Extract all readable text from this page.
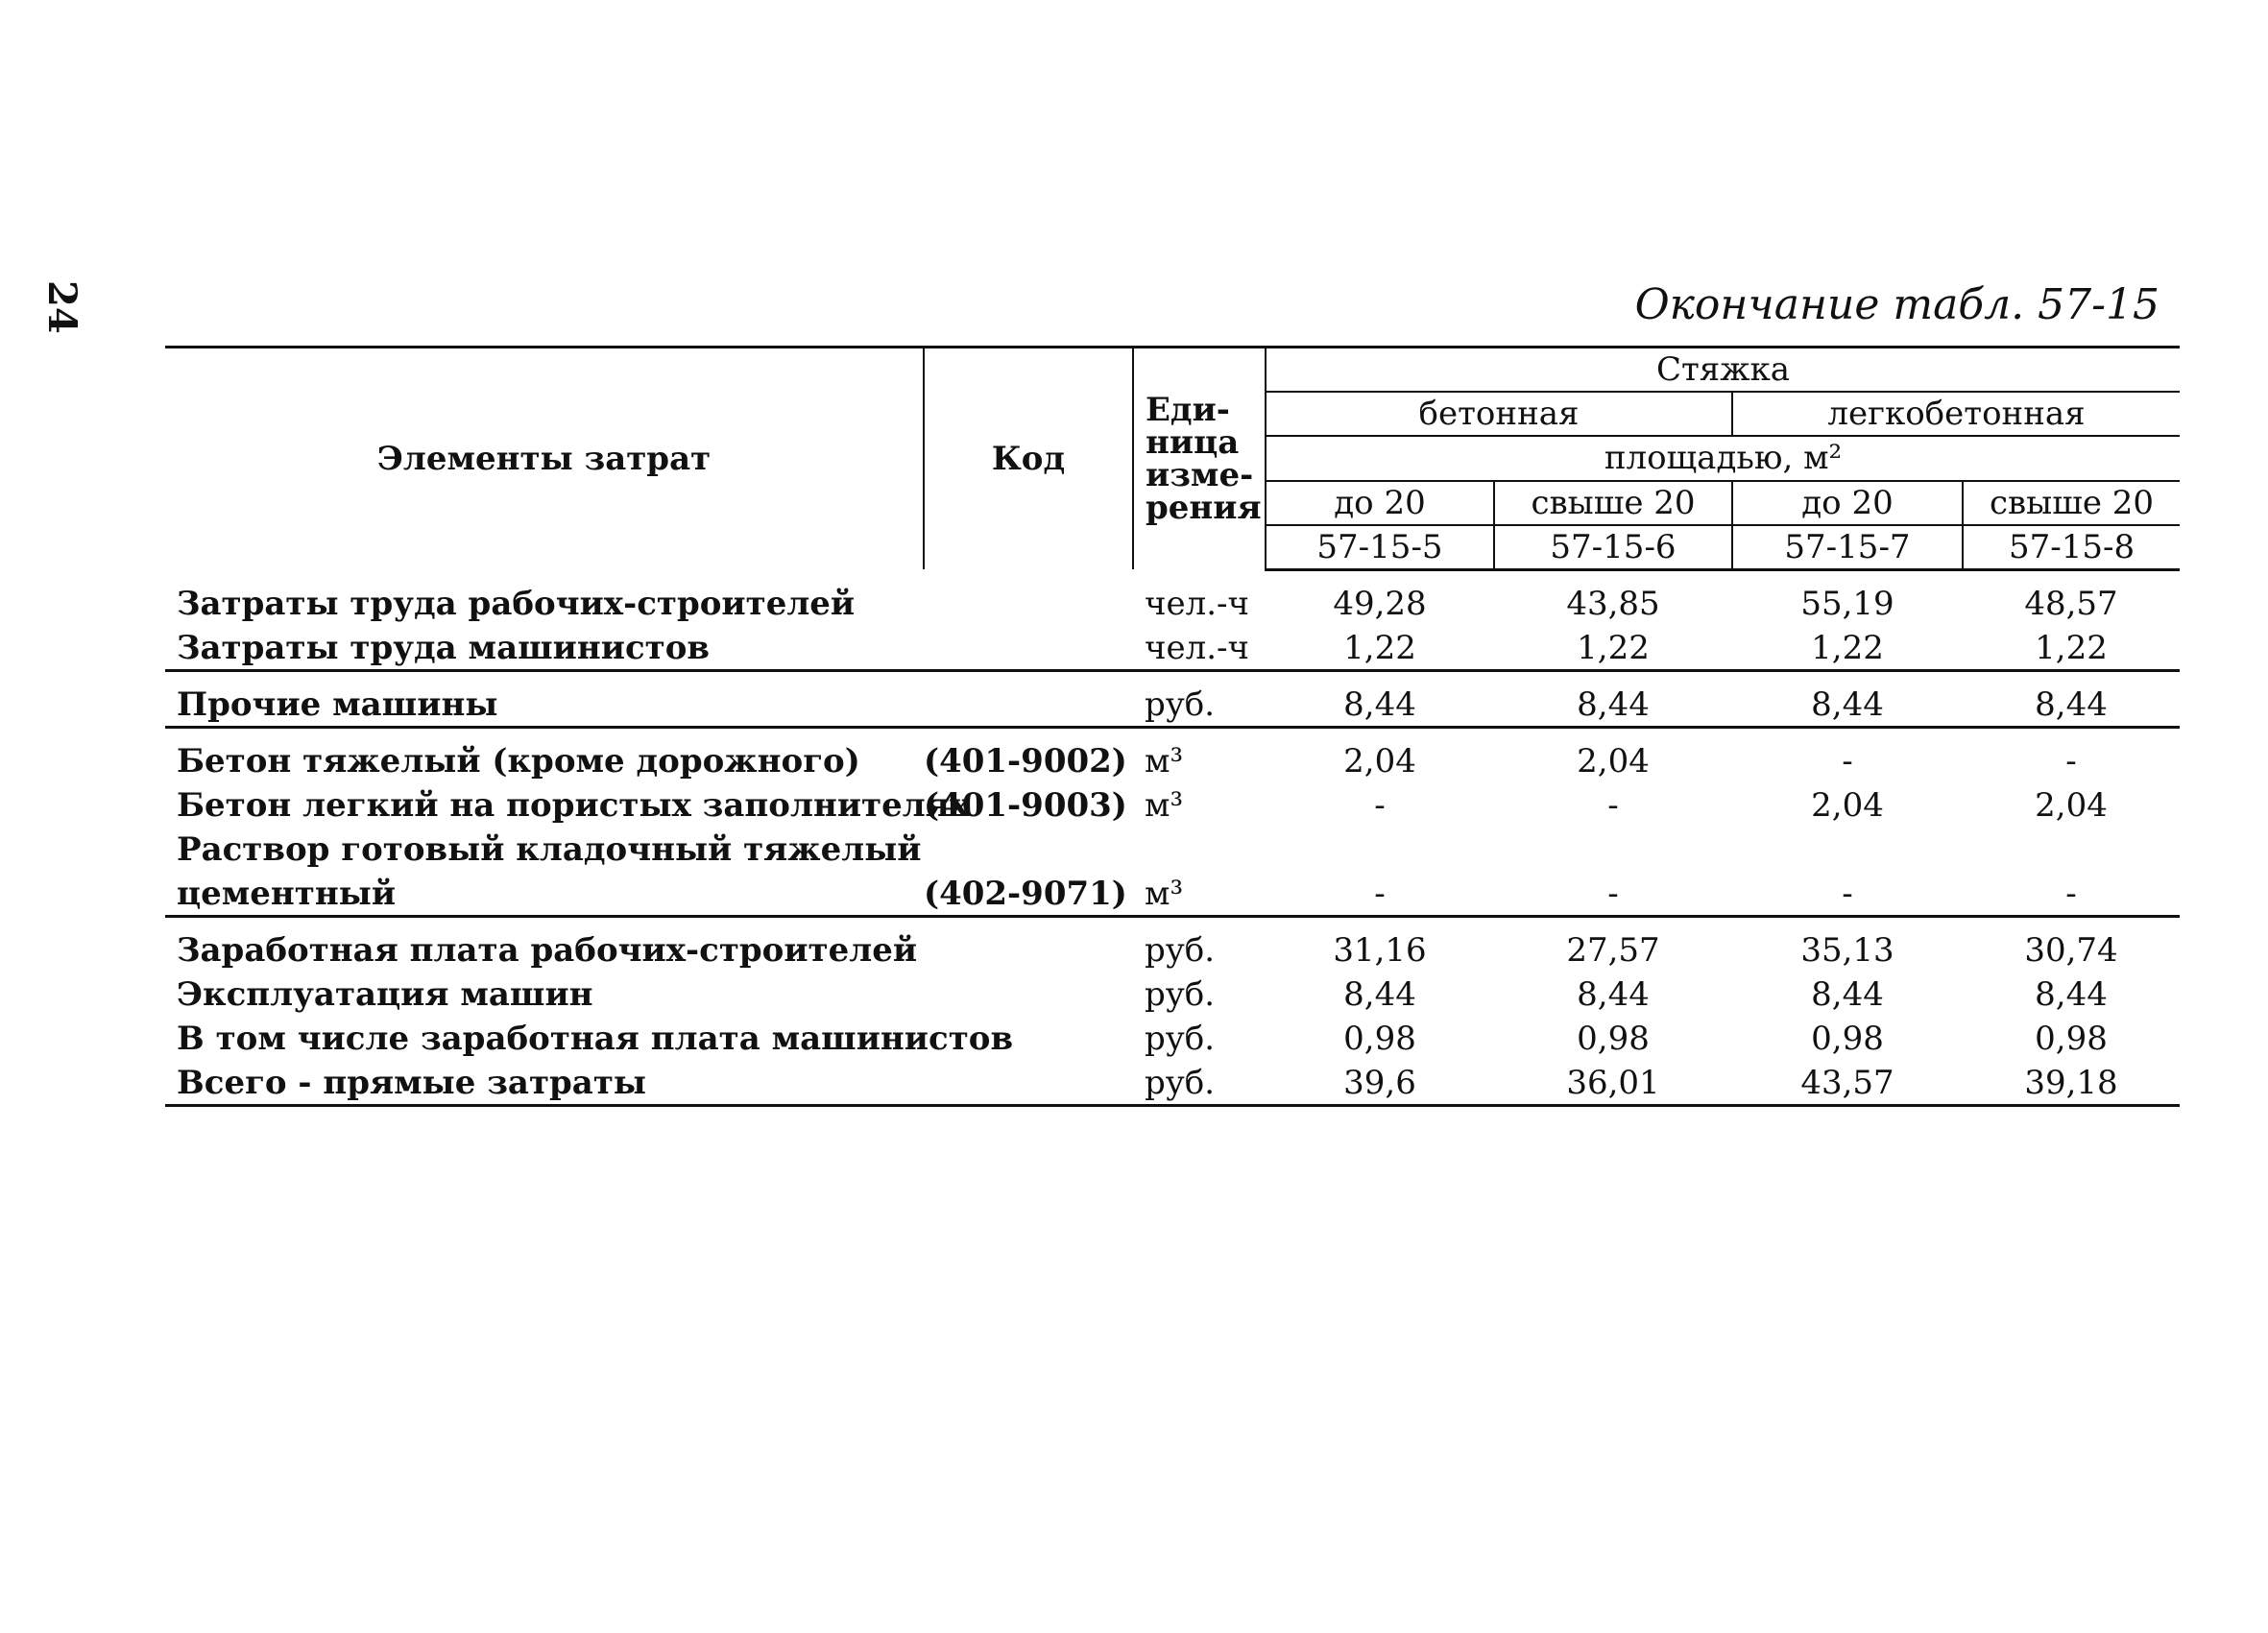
24	Окончание табл. 57-15
Элементы затрат	Код	Еди-
ница
изме-
рения	Стяжка			
			бетонная		легкобетонная	
			площадью, м²			
			до 20	свыше 20	до 20	свыше 20
			57-15-5	57-15-6	57-15-7	57-15-8
Затраты труда рабочих-строителей		чел.-ч	49,28	43,85	55,19	48,57
Затраты труда машинистов		чел.-ч	1,22	1,22	1,22	1,22
Прочие машины		руб.	8,44	8,44	8,44	8,44
Бетон тяжелый (кроме дорожного)	(401-9002)	м³	2,04	2,04	-	-
Бетон легкий на пористых заполнителях	(401-9003)	м³	-	-	2,04	2,04
Раствор готовый кладочный тяжелый						
цементный	(402-9071)	м³	-	-	-	-
Заработная плата рабочих-строителей		руб.	31,16	27,57	35,13	30,74
Эксплуатация машин		руб.	8,44	8,44	8,44	8,44
В том числе заработная плата машинистов		руб.	0,98	0,98	0,98	0,98
Всего - прямые затраты		руб.	39,6	36,01	43,57	39,18
